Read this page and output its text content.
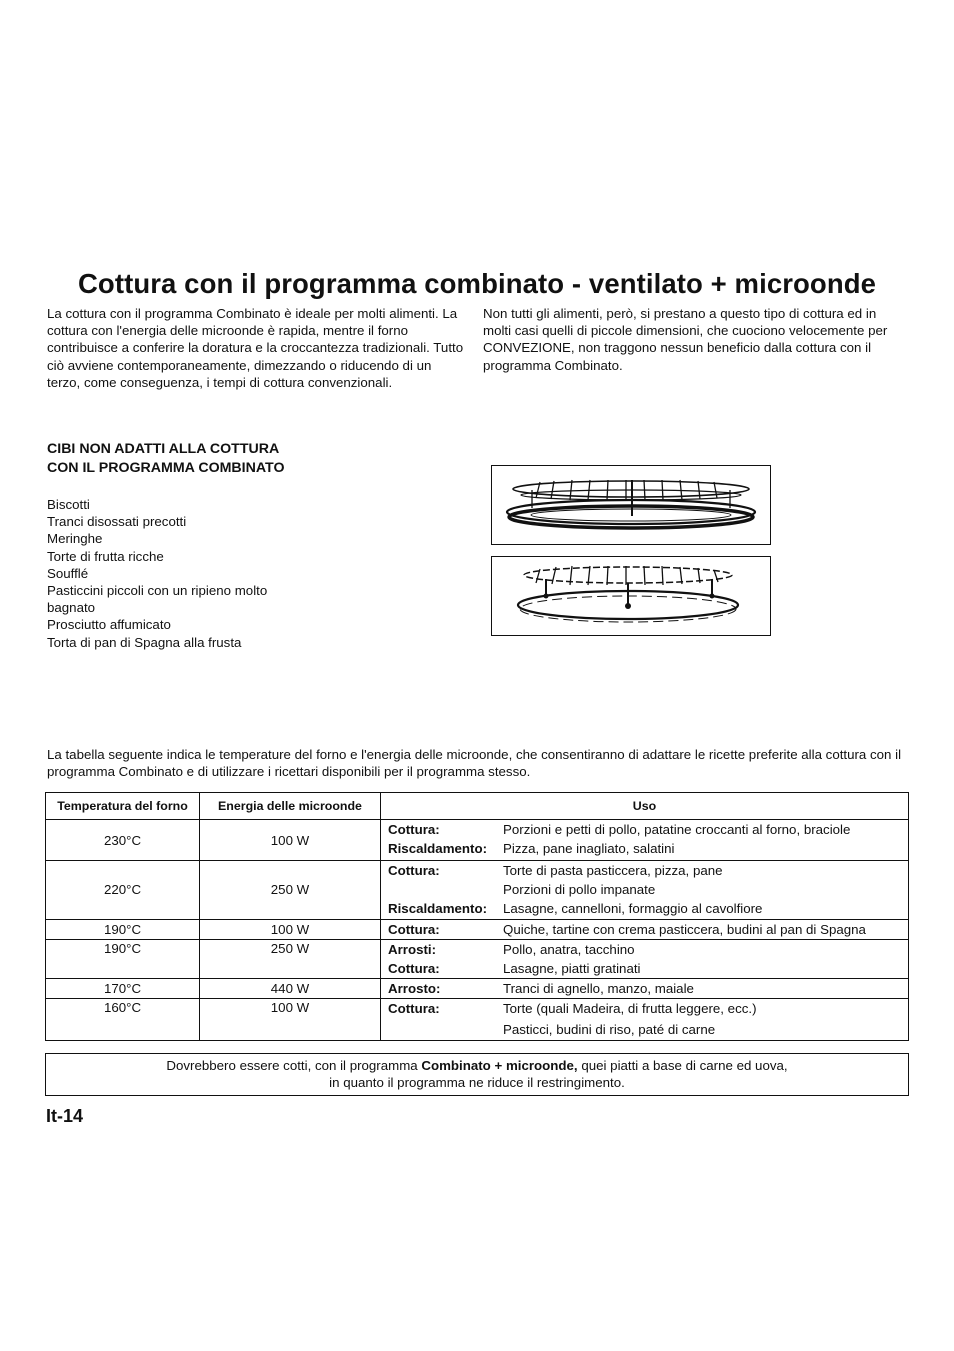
Cottura con il programma combinato - ventilato + microonde

La cottura con il programma Combinato è ideale per molti alimenti. La cottura con l'energia delle microonde è rapida, mentre il forno contribuisce a conferire la doratura e la croccantezza tradizionali. Tutto ciò avviene contemporaneamente, dimezzando o riducendo di un terzo, come conseguenza, i tempi di cottura convenzionali.

Non tutti gli alimenti, però, si prestano a questo tipo di cottura ed in molti casi quelli di piccole dimensioni, che cuociono velocemente per CONVEZIONE, non traggono nessun beneficio dalla cottura con il programma Combinato.

CIBI NON ADATTI ALLA COTTURA
CON IL PROGRAMMA COMBINATO
Biscotti
Tranci disossati precotti
Meringhe
Torte di frutta ricche
Soufflé
Pasticcini piccoli con un ripieno molto bagnato
Prosciutto affumicato
Torta di pan di Spagna alla frusta

La tabella seguente indica le temperature del forno e l'energia delle microonde, che consentiranno di adattare le ricette preferite alla cottura con il programma Combinato e di utilizzare i ricettari disponibili per il programma stesso.

Temperatura del forno	Energia delle microonde	Uso

230°C	100 W	Cottura: Porzioni e petti di pollo, patatine croccanti al forno, braciole
Riscaldamento: Pizza, pane inagliato, salatini

220°C	250 W	Cottura: Torte di pasta pasticcera, pizza, pane
Porzioni di pollo impanate
Riscaldamento: Lasagne, cannelloni, formaggio al cavolfiore

190°C	100 W	Cottura: Quiche, tartine con crema pasticcera, budini al pan di Spagna

190°C	250 W	Arrosti: Pollo, anatra, tacchino
Cottura: Lasagne, piatti gratinati

170°C	440 W	Arrosto: Tranci di agnello, manzo, maiale

160°C	100 W	Cottura: Torte (quali Madeira, di frutta leggere, ecc.)
Pasticci, budini di riso, paté di carne
Dovrebbero essere cotti, con il programma Combinato + microonde, quei piatti a base di carne ed uova,
in quanto il programma ne riduce il restringimento.
It-14
